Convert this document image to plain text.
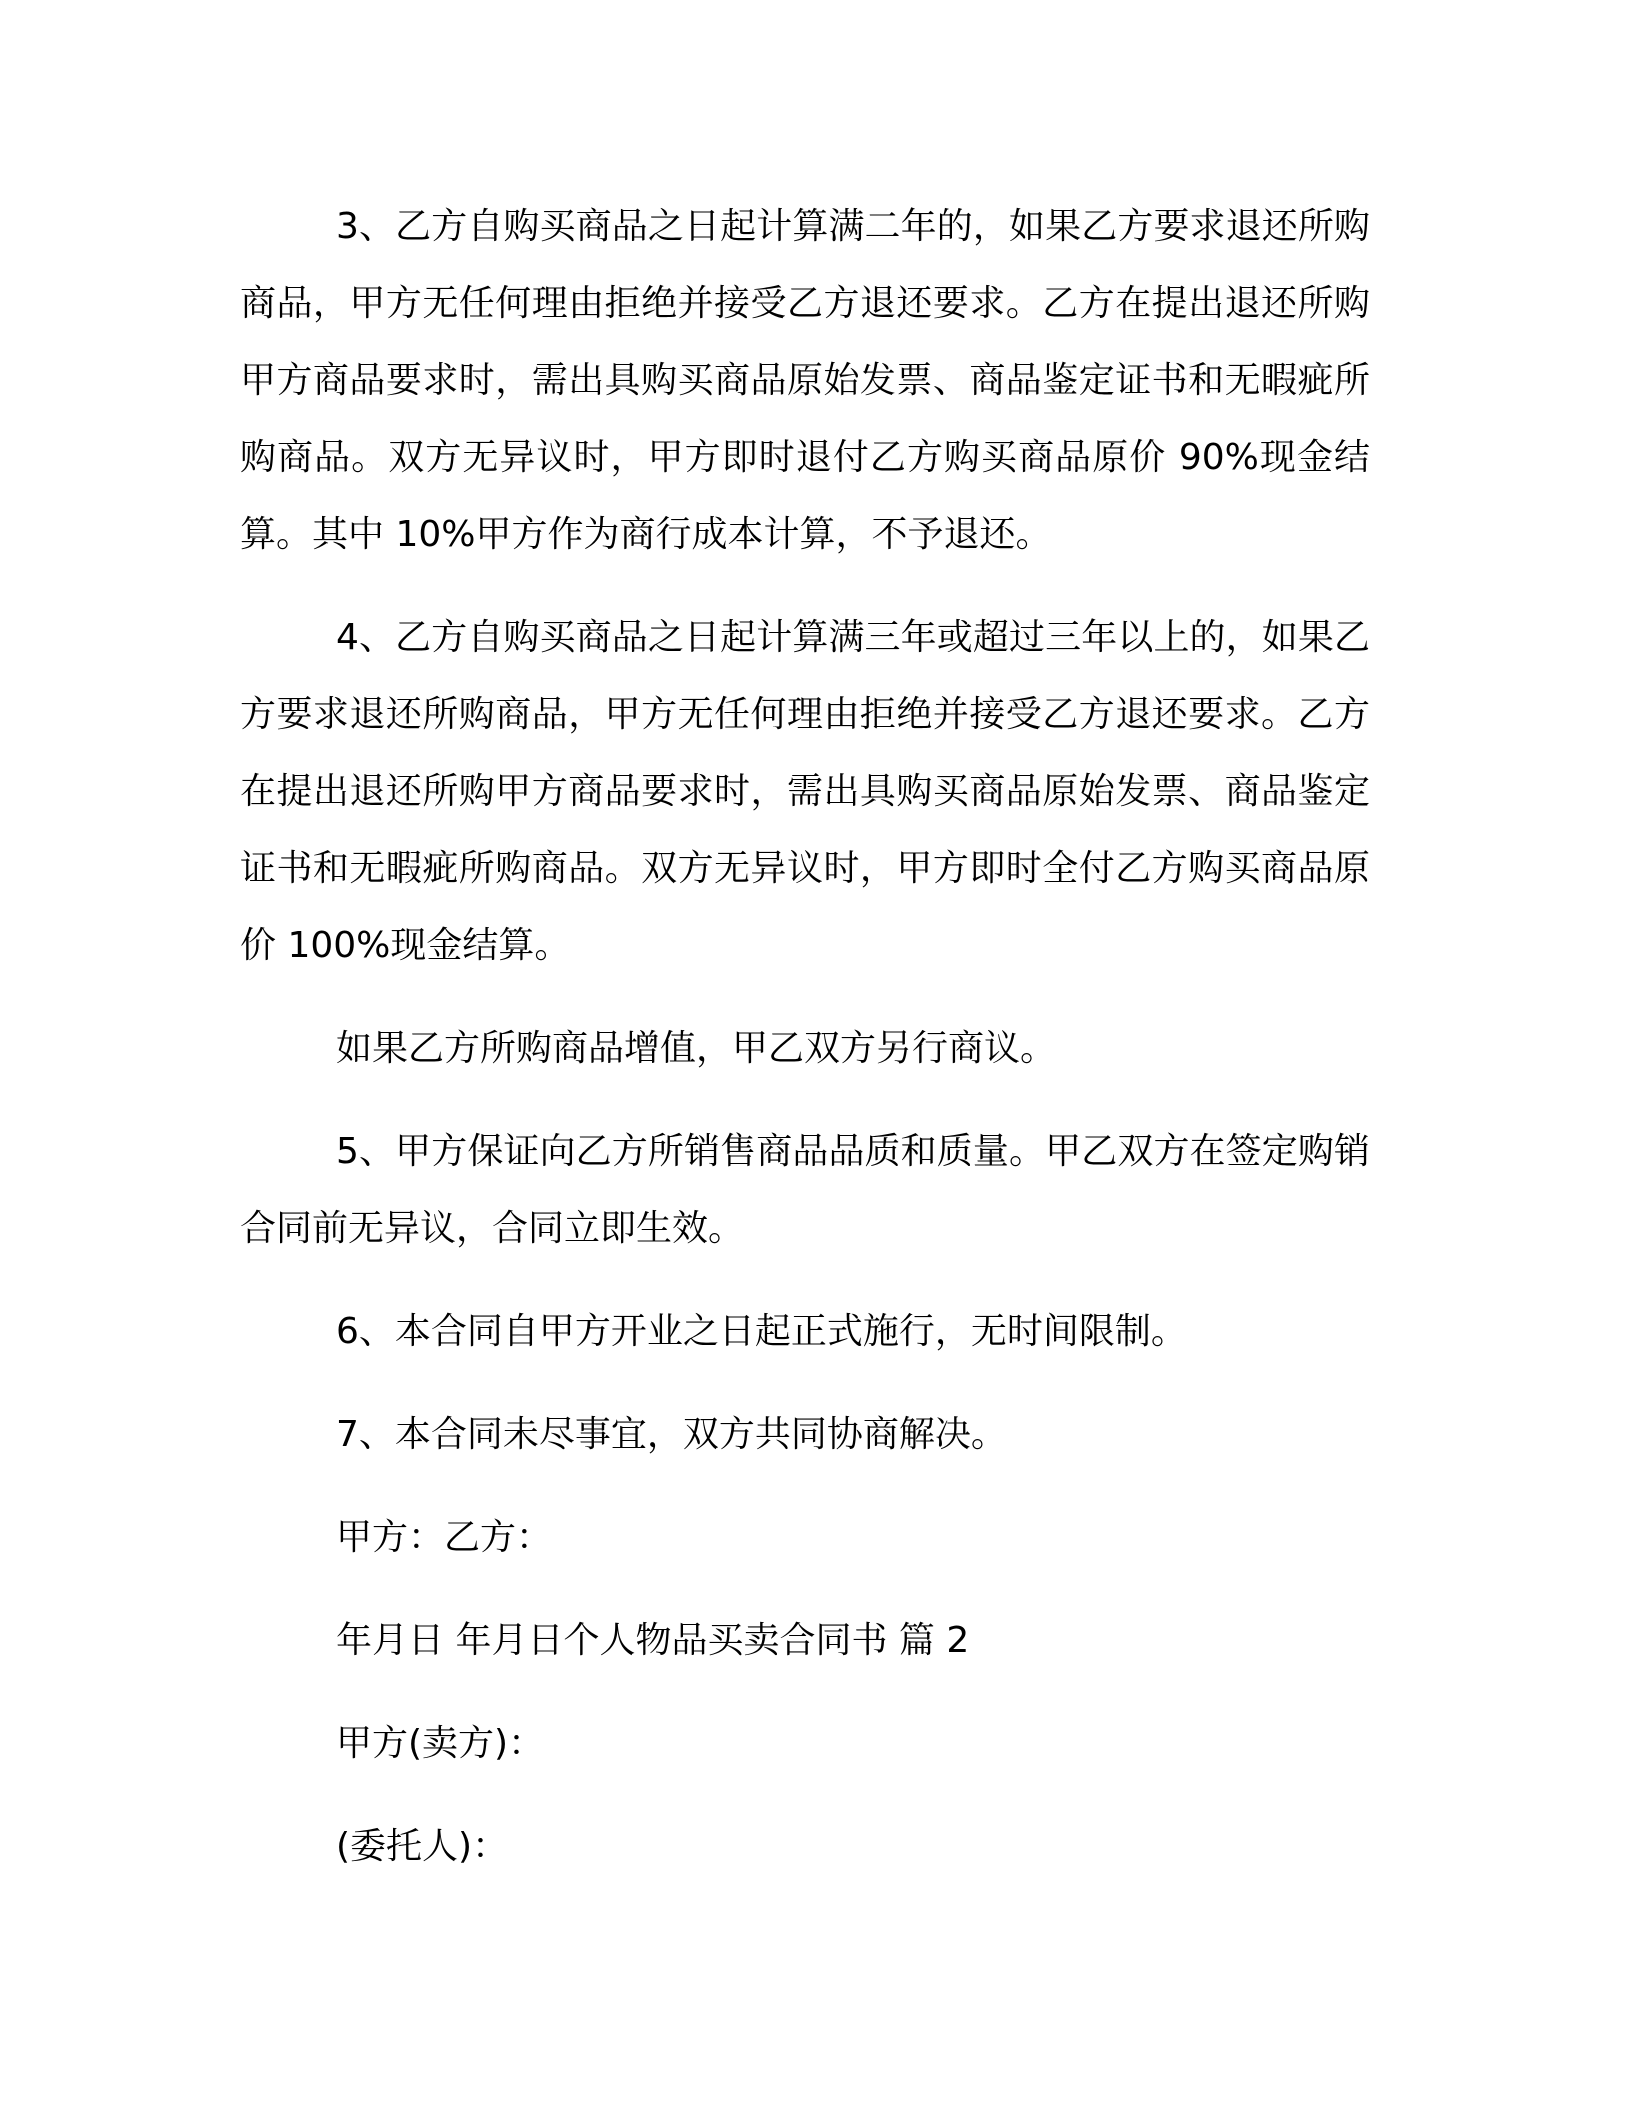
3、乙方自购买商品之日起计算满二年的，如果乙方要求退还所购商品，甲方无任何理由拒绝并接受乙方退还要求。乙方在提出退还所购甲方商品要求时，需出具购买商品原始发票、商品鉴定证书和无暇疵所购商品。双方无异议时，甲方即时退付乙方购买商品原价 90%现金结算。其中 10%甲方作为商行成本计算，不予退还。

4、乙方自购买商品之日起计算满三年或超过三年以上的，如果乙方要求退还所购商品，甲方无任何理由拒绝并接受乙方退还要求。乙方在提出退还所购甲方商品要求时，需出具购买商品原始发票、商品鉴定证书和无暇疵所购商品。双方无异议时，甲方即时全付乙方购买商品原价 100%现金结算。

如果乙方所购商品增值，甲乙双方另行商议。

5、甲方保证向乙方所销售商品品质和质量。甲乙双方在签定购销合同前无异议，合同立即生效。

6、本合同自甲方开业之日起正式施行，无时间限制。

7、本合同未尽事宜，双方共同协商解决。

甲方：乙方：

年月日 年月日个人物品买卖合同书 篇 2

甲方(卖方)：

(委托人)：
